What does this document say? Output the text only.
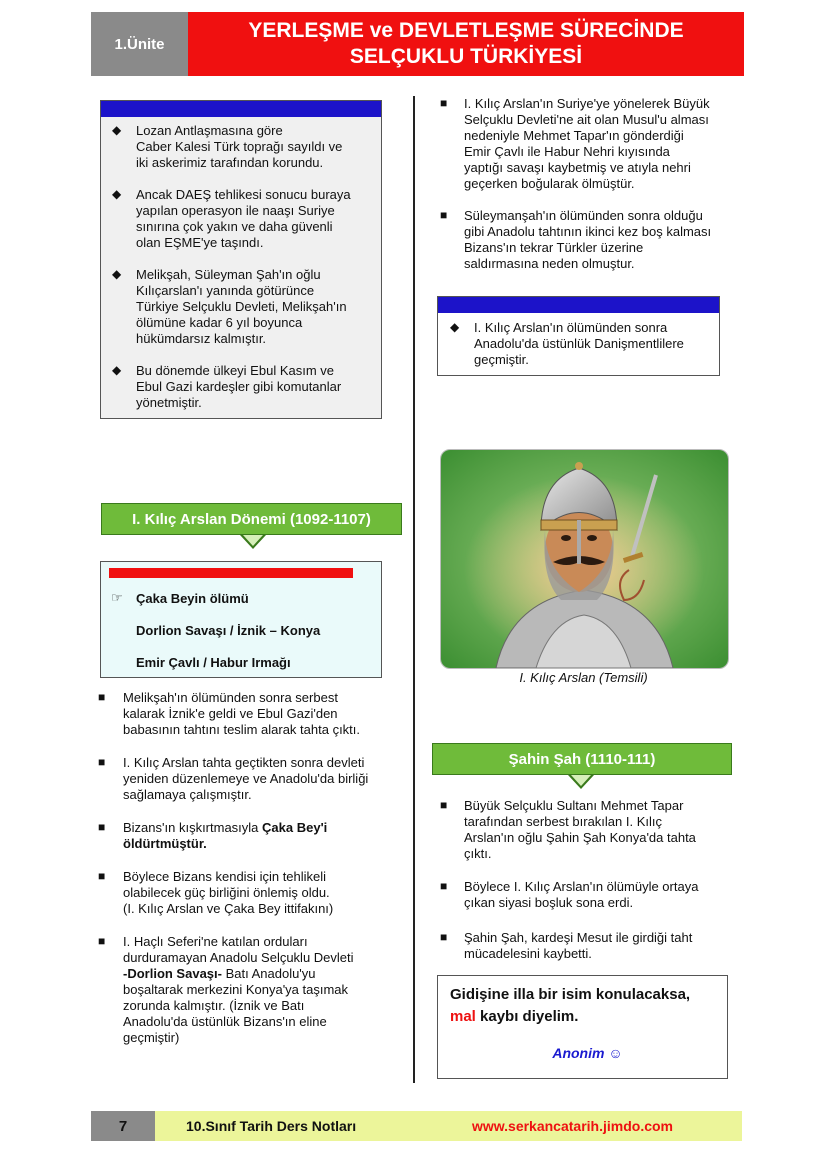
1.Ünite
YERLEŞME ve DEVLETLEŞME SÜRECİNDE
SELÇUKLU TÜRKİYESİ
◆ Lozan Antlaşmasına göre
Caber Kalesi Türk toprağı sayıldı ve
iki askerimiz tarafından korundu.
◆ Ancak DAEŞ tehlikesi sonucu buraya
yapılan operasyon ile naaşı Suriye
sınırına çok yakın ve daha güvenli
olan EŞME'ye taşındı.
◆ Melikşah, Süleyman Şah'ın oğlu
Kılıçarslan'ı yanında götürünce
Türkiye Selçuklu Devleti, Melikşah'ın
ölümüne kadar 6 yıl boyunca
hükümdarsız kalmıştır.
◆ Bu dönemde ülkeyi Ebul Kasım ve
Ebul Gazi kardeşler gibi komutanlar
yönetmiştir.
I. Kılıç Arslan Dönemi (1092-1107)
☞ Çaka Beyin ölümü
Dorlion Savaşı / İznik – Konya
Emir Çavlı / Habur Irmağı
■ Melikşah'ın ölümünden sonra serbest
kalarak İznik'e geldi ve Ebul Gazi'den
babasının tahtını teslim alarak tahta çıktı.
■ I. Kılıç Arslan tahta geçtikten sonra devleti
yeniden düzenlemeye ve Anadolu'da birliği
sağlamaya çalışmıştır.
■ Bizans'ın kışkırtmasıyla Çaka Bey'i
öldürtmüştür.
■ Böylece Bizans kendisi için tehlikeli
olabilecek güç birliğini önlemiş oldu.
(I. Kılıç Arslan ve Çaka Bey ittifakını)
■ I. Haçlı Seferi'ne katılan orduları
durduramayan Anadolu Selçuklu Devleti
-Dorlion Savaşı- Batı Anadolu'yu
boşaltarak merkezini Konya'ya taşımak
zorunda kalmıştır. (İznik ve Batı
Anadolu'da üstünlük Bizans'ın eline
geçmiştir)
■ I. Kılıç Arslan'ın Suriye'ye yönelerek Büyük
Selçuklu Devleti'ne ait olan Musul'u alması
nedeniyle Mehmet Tapar'ın gönderdiği
Emir Çavlı ile Habur Nehri kıyısında
yaptığı savaşı kaybetmiş ve atıyla nehri
geçerken boğularak ölmüştür.
■ Süleymanşah'ın ölümünden sonra olduğu
gibi Anadolu tahtının ikinci kez boş kalması
Bizans'ın tekrar Türkler üzerine
saldırmasına neden olmuştur.
◆ I. Kılıç Arslan'ın ölümünden sonra
Anadolu'da üstünlük Danişmentlilere
geçmiştir.
I. Kılıç Arslan (Temsili)
Şahin Şah (1110-111)
■ Büyük Selçuklu Sultanı Mehmet Tapar
tarafından serbest bırakılan I. Kılıç
Arslan'ın oğlu Şahin Şah Konya'da tahta
çıktı.
■ Böylece I. Kılıç Arslan'ın ölümüyle ortaya
çıkan siyasi boşluk sona erdi.
■ Şahin Şah, kardeşi Mesut ile girdiği taht
mücadelesini kaybetti.
Gidişine illa bir isim konulacaksa,
mal kaybı diyelim.
Anonim ☺
7	10.Sınıf Tarih Ders Notları	www.serkancatarih.jimdo.com
